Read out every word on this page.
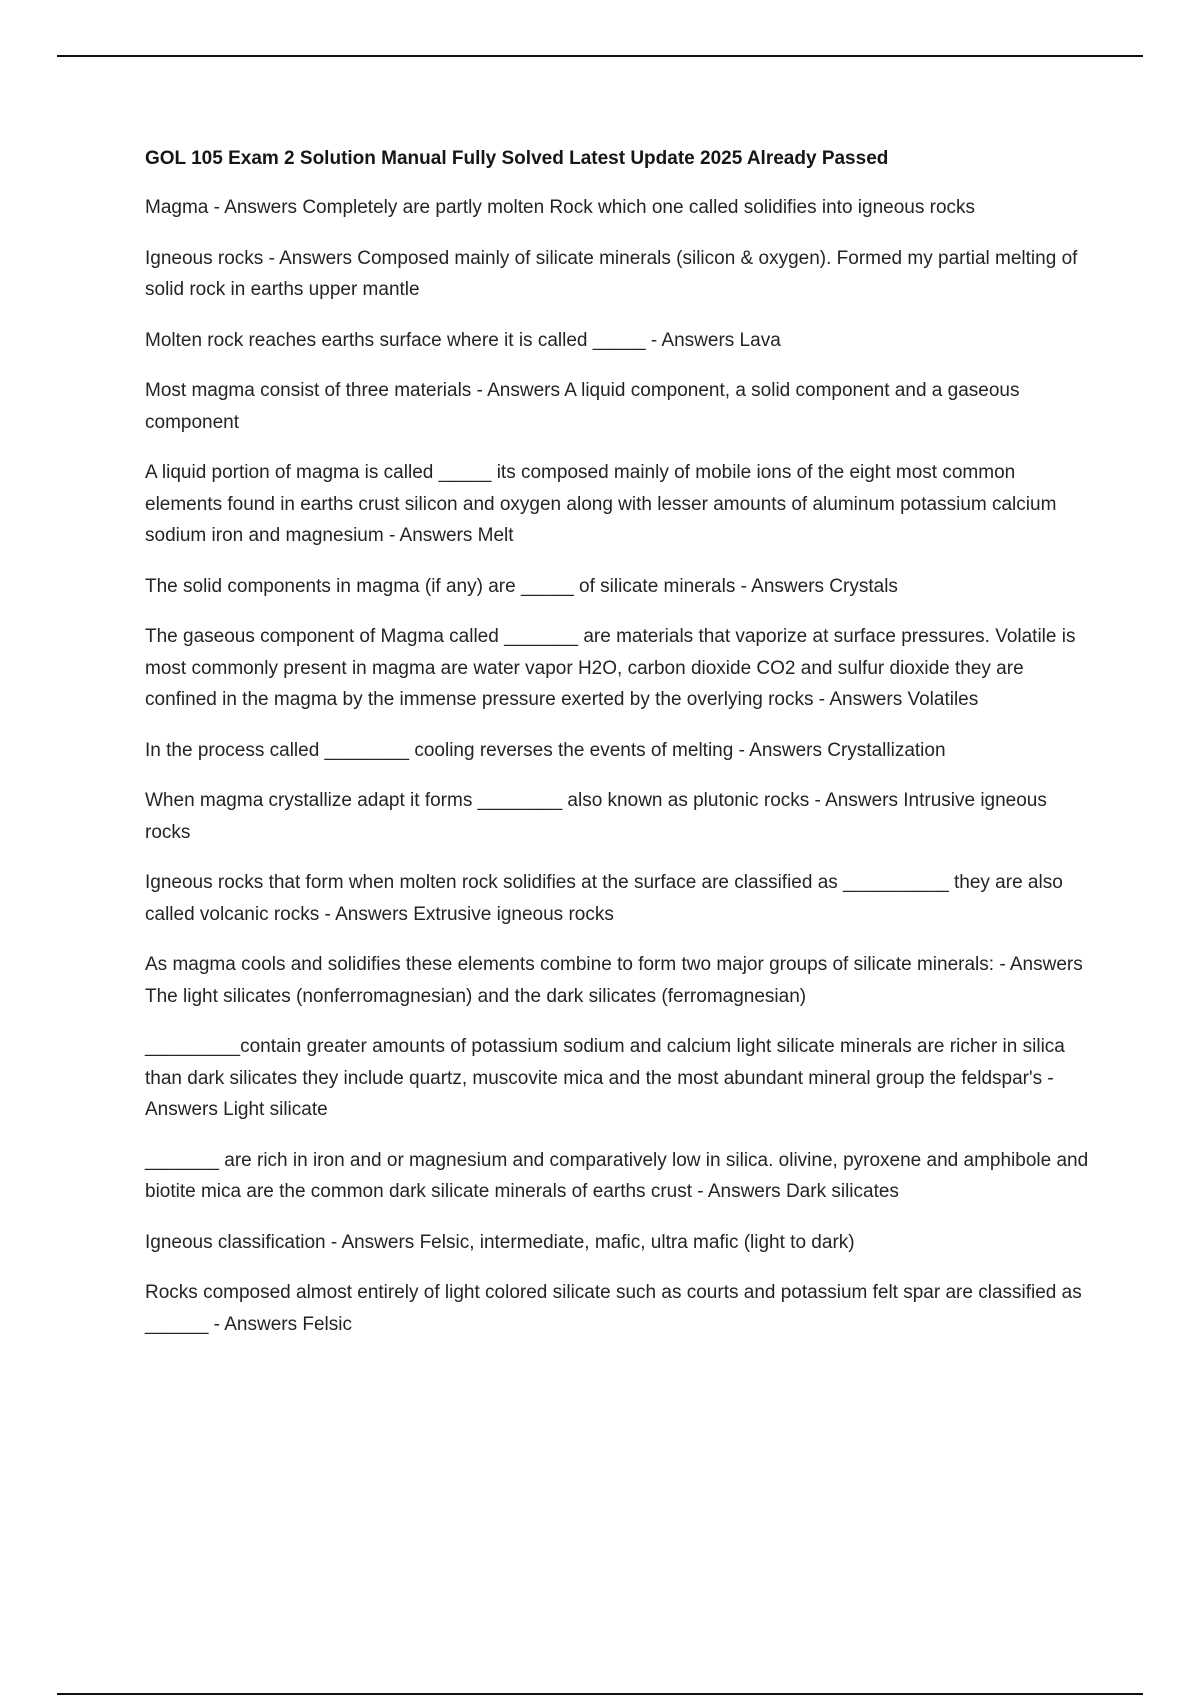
GOL 105 Exam 2 Solution Manual Fully Solved Latest Update 2025 Already Passed

Magma - Answers Completely are partly molten Rock which one called solidifies into igneous rocks

Igneous rocks - Answers Composed mainly of silicate minerals (silicon & oxygen). Formed my partial melting of solid rock in earths upper mantle

Molten rock reaches earths surface where it is called _____ - Answers Lava

Most magma consist of three materials - Answers A liquid component, a solid component and a gaseous component

A liquid portion of magma is called _____ its composed mainly of mobile ions of the eight most common elements found in earths crust silicon and oxygen along with lesser amounts of aluminum potassium calcium sodium iron and magnesium - Answers Melt

The solid components in magma (if any) are _____ of silicate minerals - Answers Crystals

The gaseous component of Magma called _______ are materials that vaporize at surface pressures. Volatile is most commonly present in magma are water vapor H2O, carbon dioxide CO2 and sulfur dioxide they are confined in the magma by the immense pressure exerted by the overlying rocks - Answers Volatiles

In the process called ________ cooling reverses the events of melting - Answers Crystallization

When magma crystallize adapt it forms ________ also known as plutonic rocks - Answers Intrusive igneous rocks

Igneous rocks that form when molten rock solidifies at the surface are classified as __________ they are also called volcanic rocks - Answers Extrusive igneous rocks

As magma cools and solidifies these elements combine to form two major groups of silicate minerals: - Answers The light silicates (nonferromagnesian) and the dark silicates (ferromagnesian)

_________contain greater amounts of potassium sodium and calcium light silicate minerals are richer in silica than dark silicates they include quartz, muscovite mica and the most abundant mineral group the feldspar's - Answers Light silicate

_______ are rich in iron and or magnesium and comparatively low in silica. olivine, pyroxene and amphibole and biotite mica are the common dark silicate minerals of earths crust - Answers Dark silicates

Igneous classification - Answers Felsic, intermediate, mafic, ultra mafic (light to dark)

Rocks composed almost entirely of light colored silicate such as courts and potassium felt spar are classified as ______ - Answers Felsic
